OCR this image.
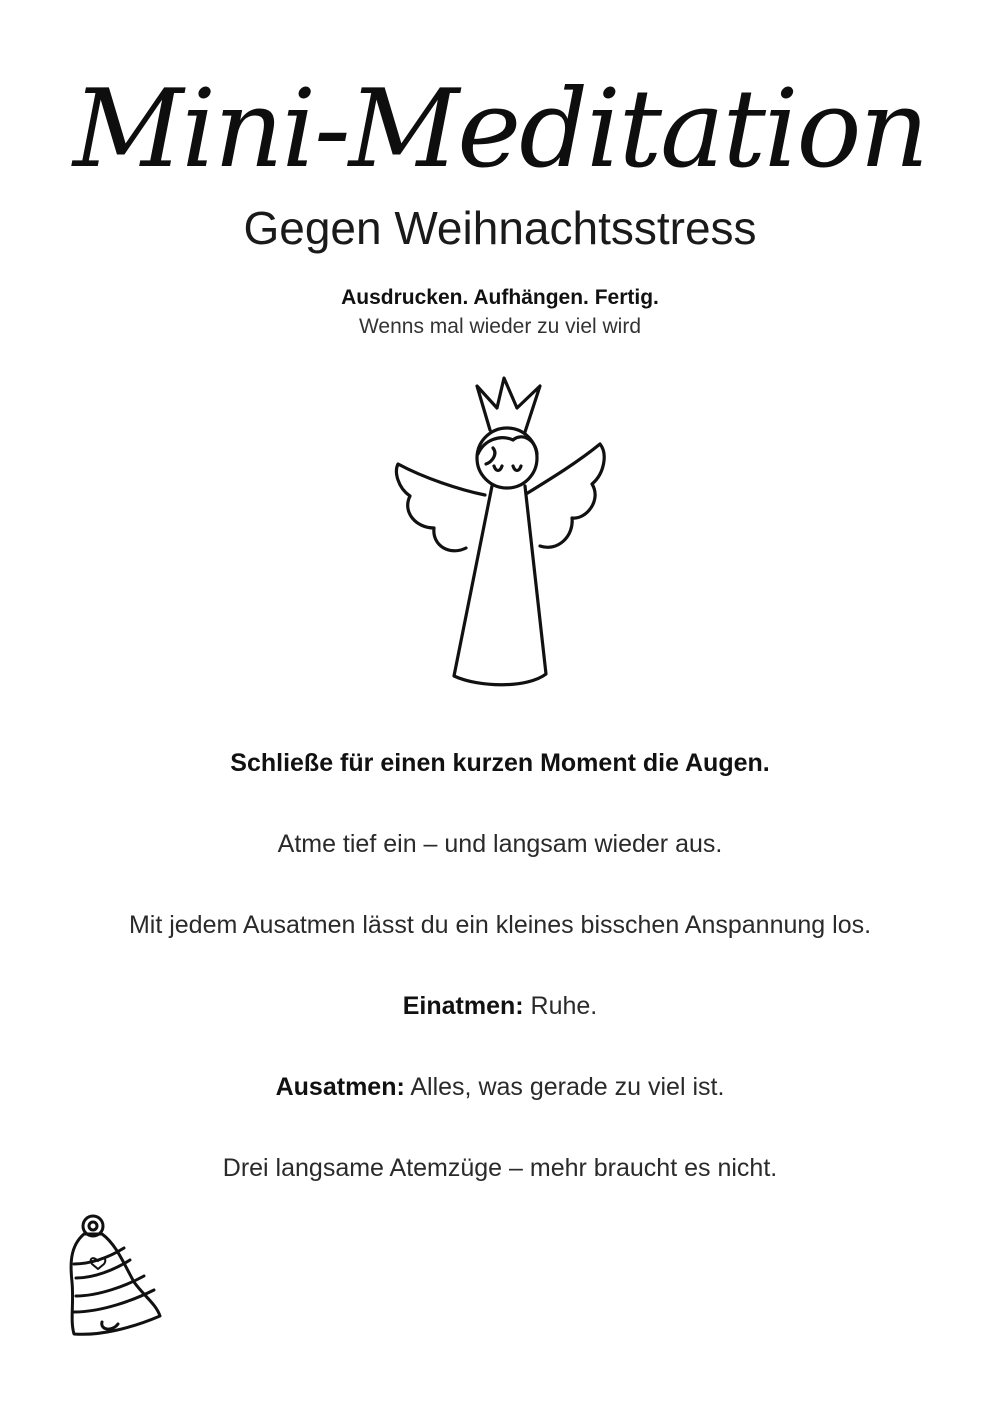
Mini-Meditation
Gegen Weihnachtsstress
Ausdrucken. Aufhängen. Fertig.
Wenns mal wieder zu viel wird
Schließe für einen kurzen Moment die Augen.
Atme tief ein – und langsam wieder aus.
Mit jedem Ausatmen lässt du ein kleines bisschen Anspannung los.
Einatmen: Ruhe.
Ausatmen: Alles, was gerade zu viel ist.
Drei langsame Atemzüge – mehr braucht es nicht.
